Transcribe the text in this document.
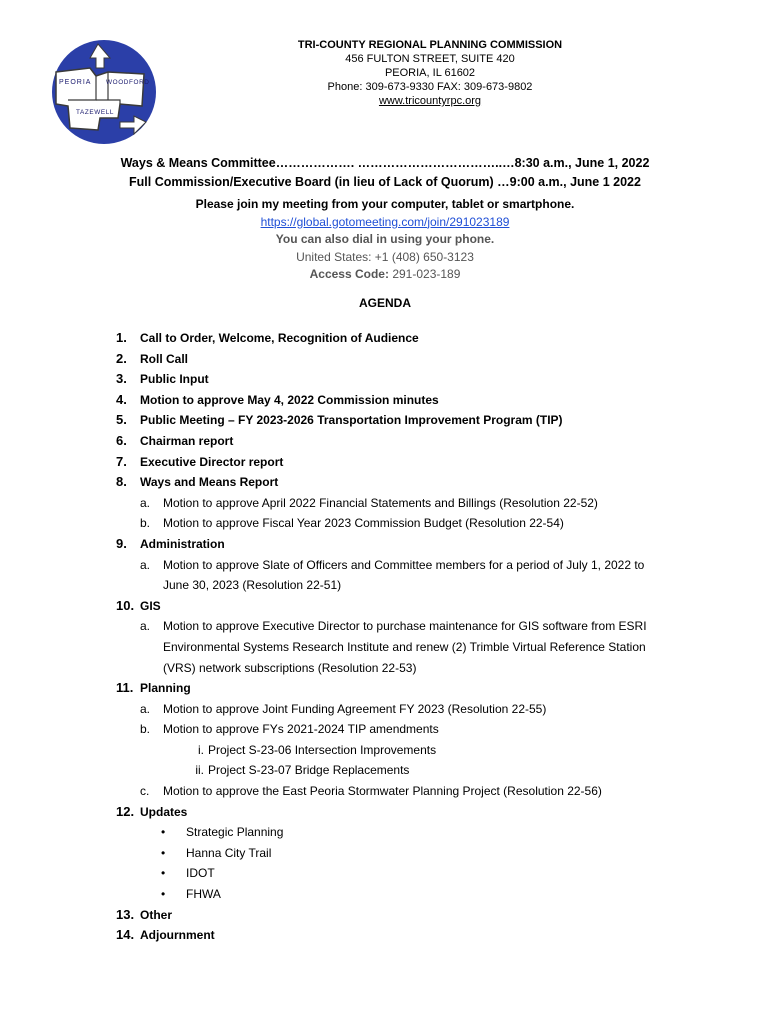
PEORIA WOODFORD
TAZEWELL
TRI-COUNTY REGIONAL PLANNING COMMISSION
456 FULTON STREET, SUITE 420
PEORIA, IL 61602
Phone: 309-673-9330 FAX: 309-673-9802
www.tricountyrpc.org
Ways & Means Committee………………. ……………………………..…8:30 a.m., June 1, 2022
Full Commission/Executive Board (in lieu of Lack of Quorum) …9:00 a.m., June 1 2022
Please join my meeting from your computer, tablet or smartphone.
https://global.gotomeeting.com/join/291023189
You can also dial in using your phone.
United States: +1 (408) 650-3123
Access Code: 291-023-189
AGENDA
1. Call to Order, Welcome, Recognition of Audience
2. Roll Call
3. Public Input
4. Motion to approve May 4, 2022 Commission minutes
5. Public Meeting – FY 2023-2026 Transportation Improvement Program (TIP)
6. Chairman report
7. Executive Director report
8. Ways and Means Report
a. Motion to approve April 2022 Financial Statements and Billings (Resolution 22-52)
b. Motion to approve Fiscal Year 2023 Commission Budget (Resolution 22-54)
9. Administration
a. Motion to approve Slate of Officers and Committee members for a period of July 1, 2022 to
June 30, 2023 (Resolution 22-51)
10. GIS
a. Motion to approve Executive Director to purchase maintenance for GIS software from ESRI
Environmental Systems Research Institute and renew (2) Trimble Virtual Reference Station
(VRS) network subscriptions (Resolution 22-53)
11. Planning
a. Motion to approve Joint Funding Agreement FY 2023 (Resolution 22-55)
b. Motion to approve FYs 2021-2024 TIP amendments
i. Project S-23-06 Intersection Improvements
ii. Project S-23-07 Bridge Replacements
c. Motion to approve the East Peoria Stormwater Planning Project (Resolution 22-56)
12. Updates
• Strategic Planning
• Hanna City Trail
• IDOT
• FHWA
13. Other
14. Adjournment
